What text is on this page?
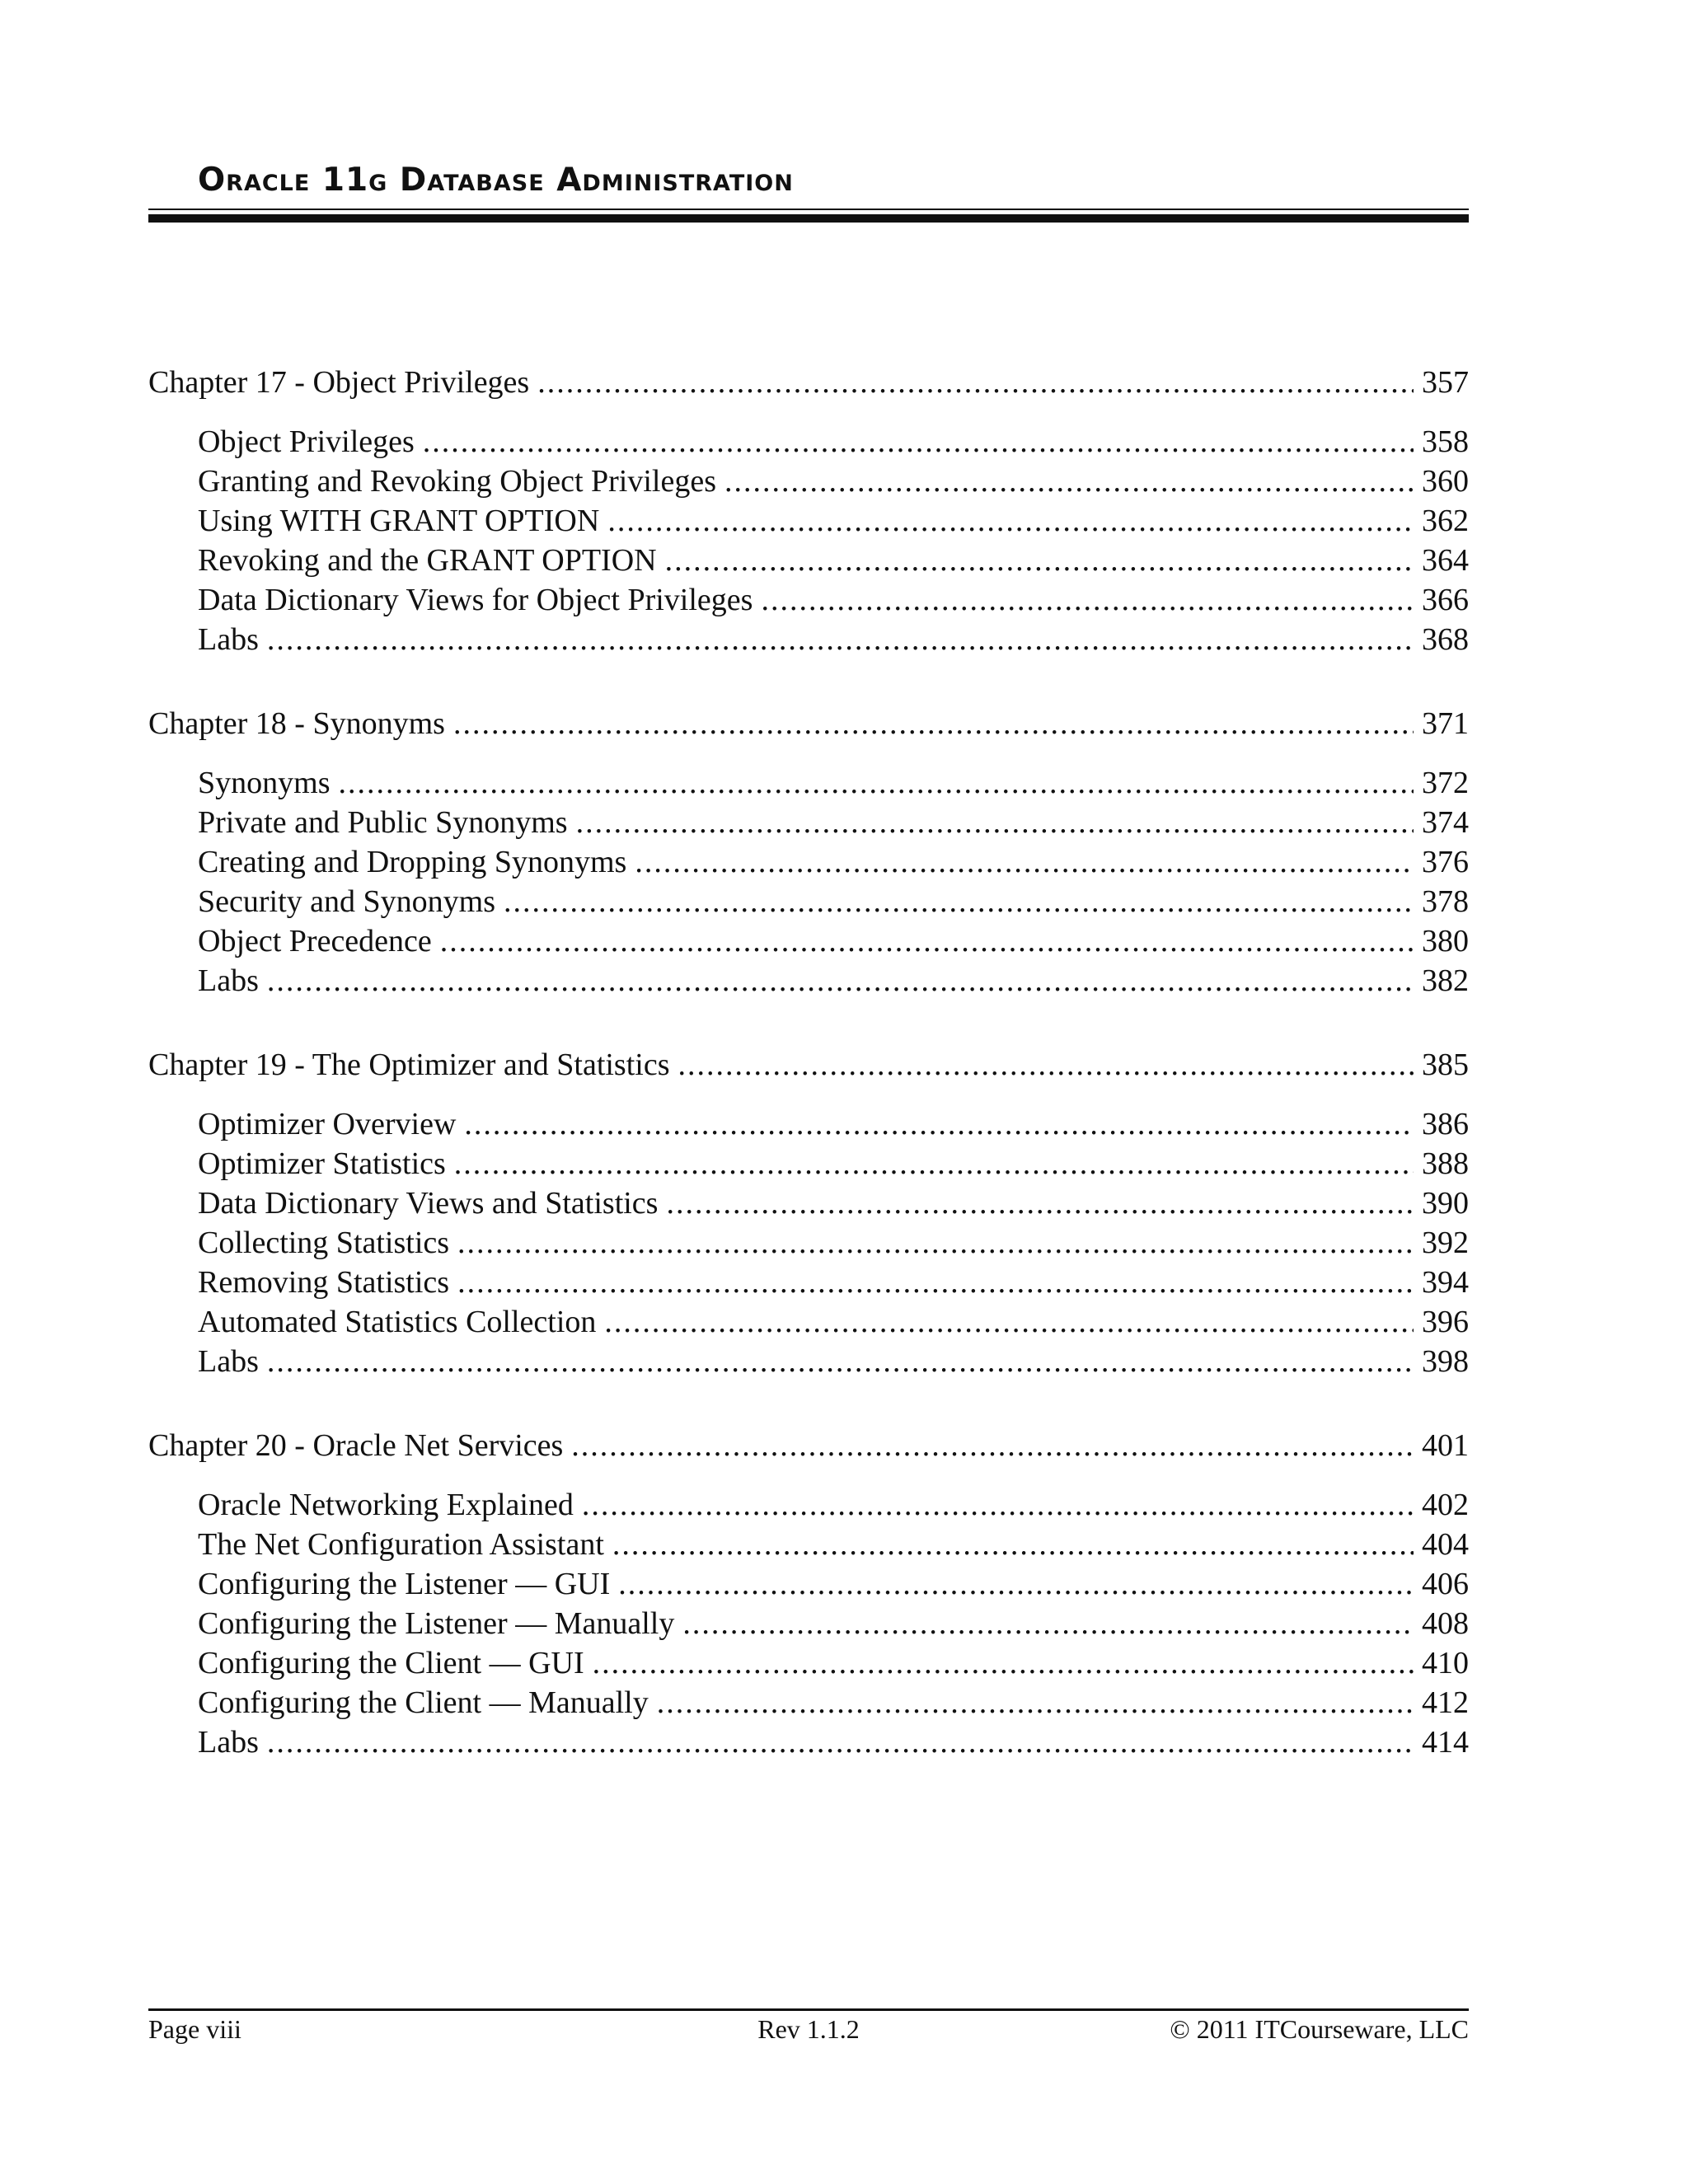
Oracle 11g Database Administration
Chapter 17 - Object Privileges .....	357
Object Privileges .....	358
Granting and Revoking Object Privileges .....	360
Using WITH GRANT OPTION .....	362
Revoking and the GRANT OPTION .....	364
Data Dictionary Views for Object Privileges .....	366
Labs .....	368
Chapter 18 - Synonyms .....	371
Synonyms .....	372
Private and Public Synonyms .....	374
Creating and Dropping Synonyms .....	376
Security and Synonyms .....	378
Object Precedence .....	380
Labs .....	382
Chapter 19 - The Optimizer and Statistics .....	385
Optimizer Overview .....	386
Optimizer Statistics .....	388
Data Dictionary Views and Statistics .....	390
Collecting Statistics .....	392
Removing Statistics .....	394
Automated Statistics Collection .....	396
Labs .....	398
Chapter 20 - Oracle Net Services .....	401
Oracle Networking Explained .....	402
The Net Configuration Assistant .....	404
Configuring the Listener — GUI .....	406
Configuring the Listener — Manually .....	408
Configuring the Client — GUI .....	410
Configuring the Client — Manually .....	412
Labs .....	414
Page viii	Rev 1.1.2	© 2011 ITCourseware, LLC
